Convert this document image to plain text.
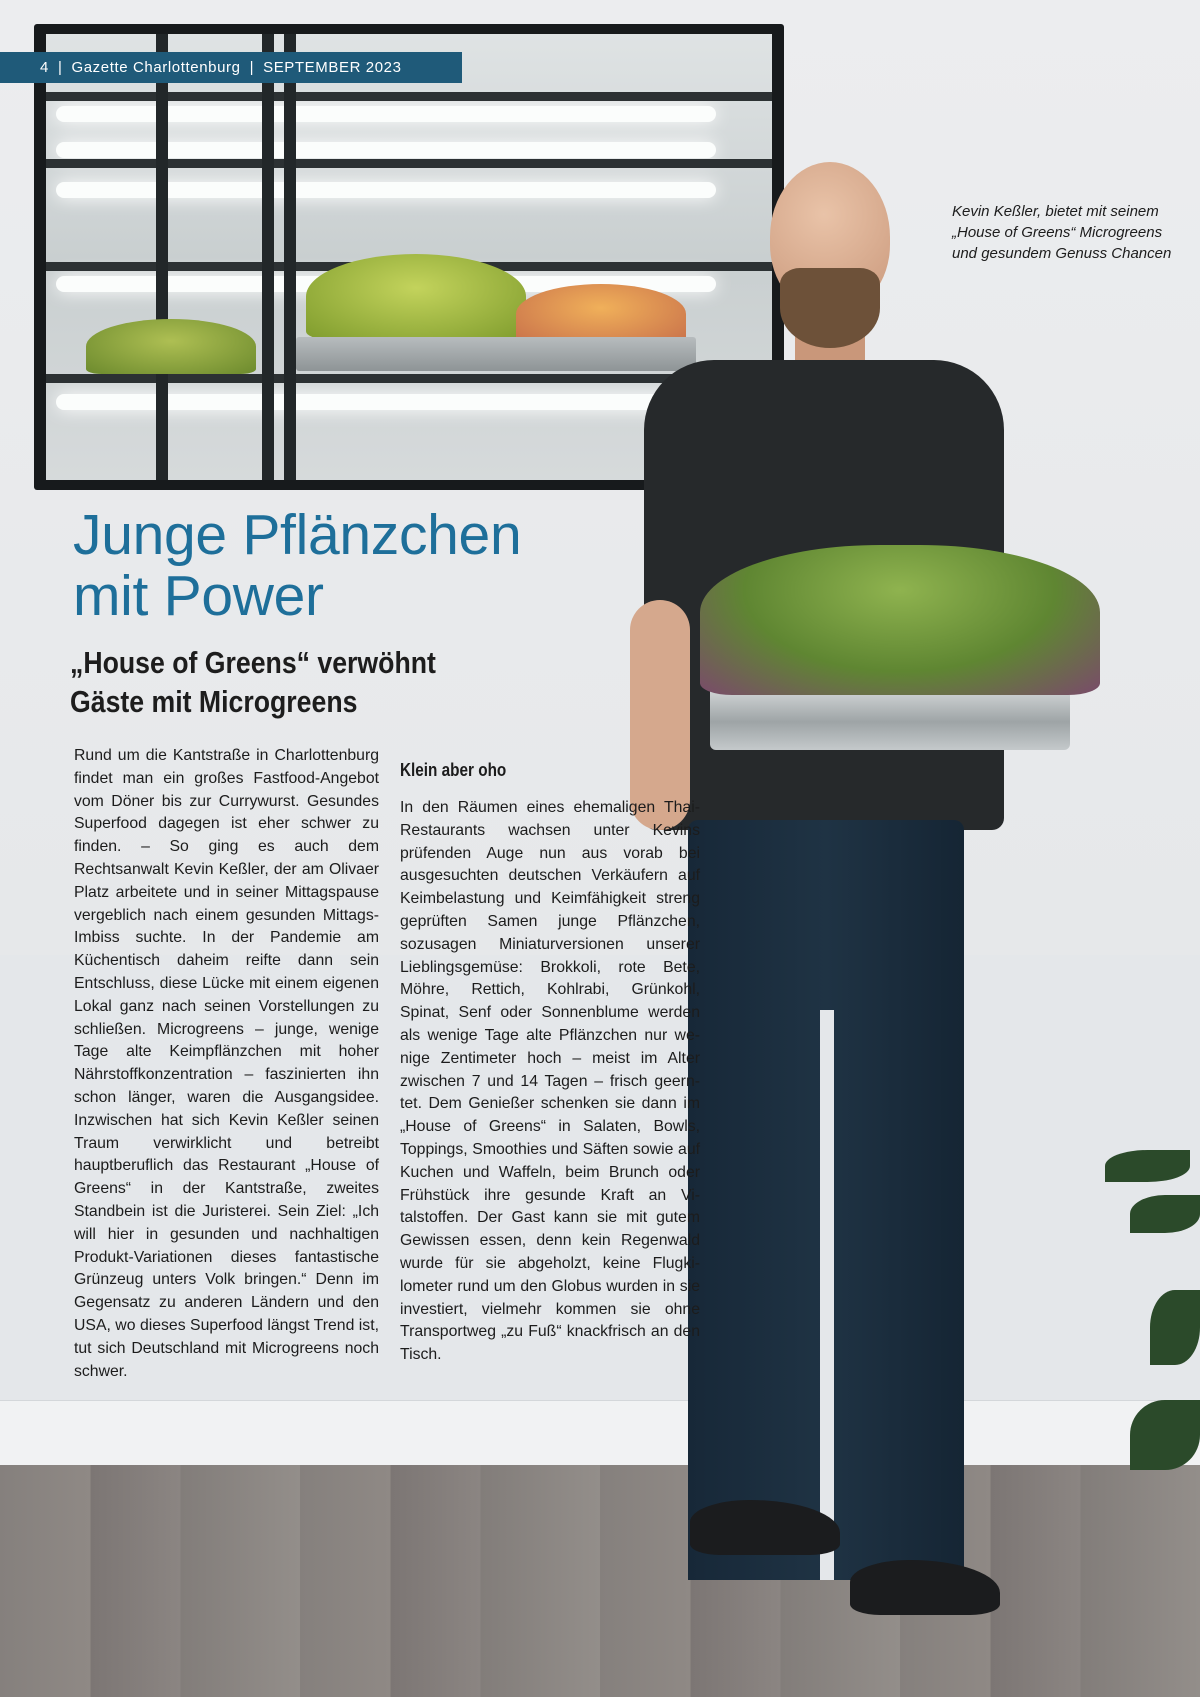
4 | Gazette Charlottenburg | SEPTEMBER 2023

Kevin Keßler, bietet mit seinem „House of Greens“ Microgreens und gesundem Genuss Chancen

Junge Pflänzchen
mit Power
„House of Greens“ verwöhnt Gäste mit Microgreens

Rund um die Kantstraße in Charlottenburg findet man ein großes Fastfood-Angebot vom Döner bis zur Currywurst. Gesundes Superfood dagegen ist eher schwer zu finden. – So ging es auch dem Rechtsanwalt Kevin Keßler, der am Olivaer Platz arbeitete und in seiner Mittagspause vergeblich nach einem gesunden Mittags-Imbiss suchte. In der Pandemie am Küchentisch daheim reifte dann sein Entschluss, diese Lücke mit einem eigenen Lokal ganz nach seinen Vorstellungen zu schließen. Microgreens – junge, wenige Tage alte Keimpflänzchen mit hoher Nährstoffkonzentration – faszinierten ihn schon länger, waren die Ausgangsidee. Inzwischen hat sich Kevin Keßler seinen Traum verwirklicht und betreibt hauptberuflich das Restaurant „House of Greens“ in der Kantstraße, zweites Standbein ist die Juristerei. Sein Ziel: „Ich will hier in gesunden und nachhaltigen Produkt-Variationen dieses fantastische Grünzeug unters Volk bringen.“ Denn im Gegensatz zu anderen Ländern und den USA, wo dieses Superfood längst Trend ist, tut sich Deutschland mit Microgreens noch schwer.

Klein aber oho

In den Räumen eines ehemaligen Thai-Restaurants wachsen unter Kevins prüfenden Auge nun aus vorab bei ausgesuchten deutschen Verkäufern auf Keimbelastung und Keimfähigkeit streng geprüften Samen junge Pflänzchen, sozusagen Miniaturversionen unserer Lieblingsgemüse: Brokkoli, rote Bete, Möhre, Rettich, Kohlrabi, Grünkohl, Spinat, Senf oder Sonnenblume werden als wenige Tage alte Pflänzchen nur wenige Zentimeter hoch – meist im Alter zwischen 7 und 14 Tagen – frisch geerntet. Dem Genießer schenken sie dann im „House of Greens“ in Salaten, Bowls, Toppings, Smoothies und Säften sowie auf Kuchen und Waffeln, beim Brunch oder Frühstück ihre gesunde Kraft an Vitalstoffen. Der Gast kann sie mit gutem Gewissen essen, denn kein Regenwald wurde für sie abgeholzt, keine Flugkilometer rund um den Globus wurden in sie investiert, vielmehr kommen sie ohne Transportweg „zu Fuß“ knackfrisch an den Tisch.
